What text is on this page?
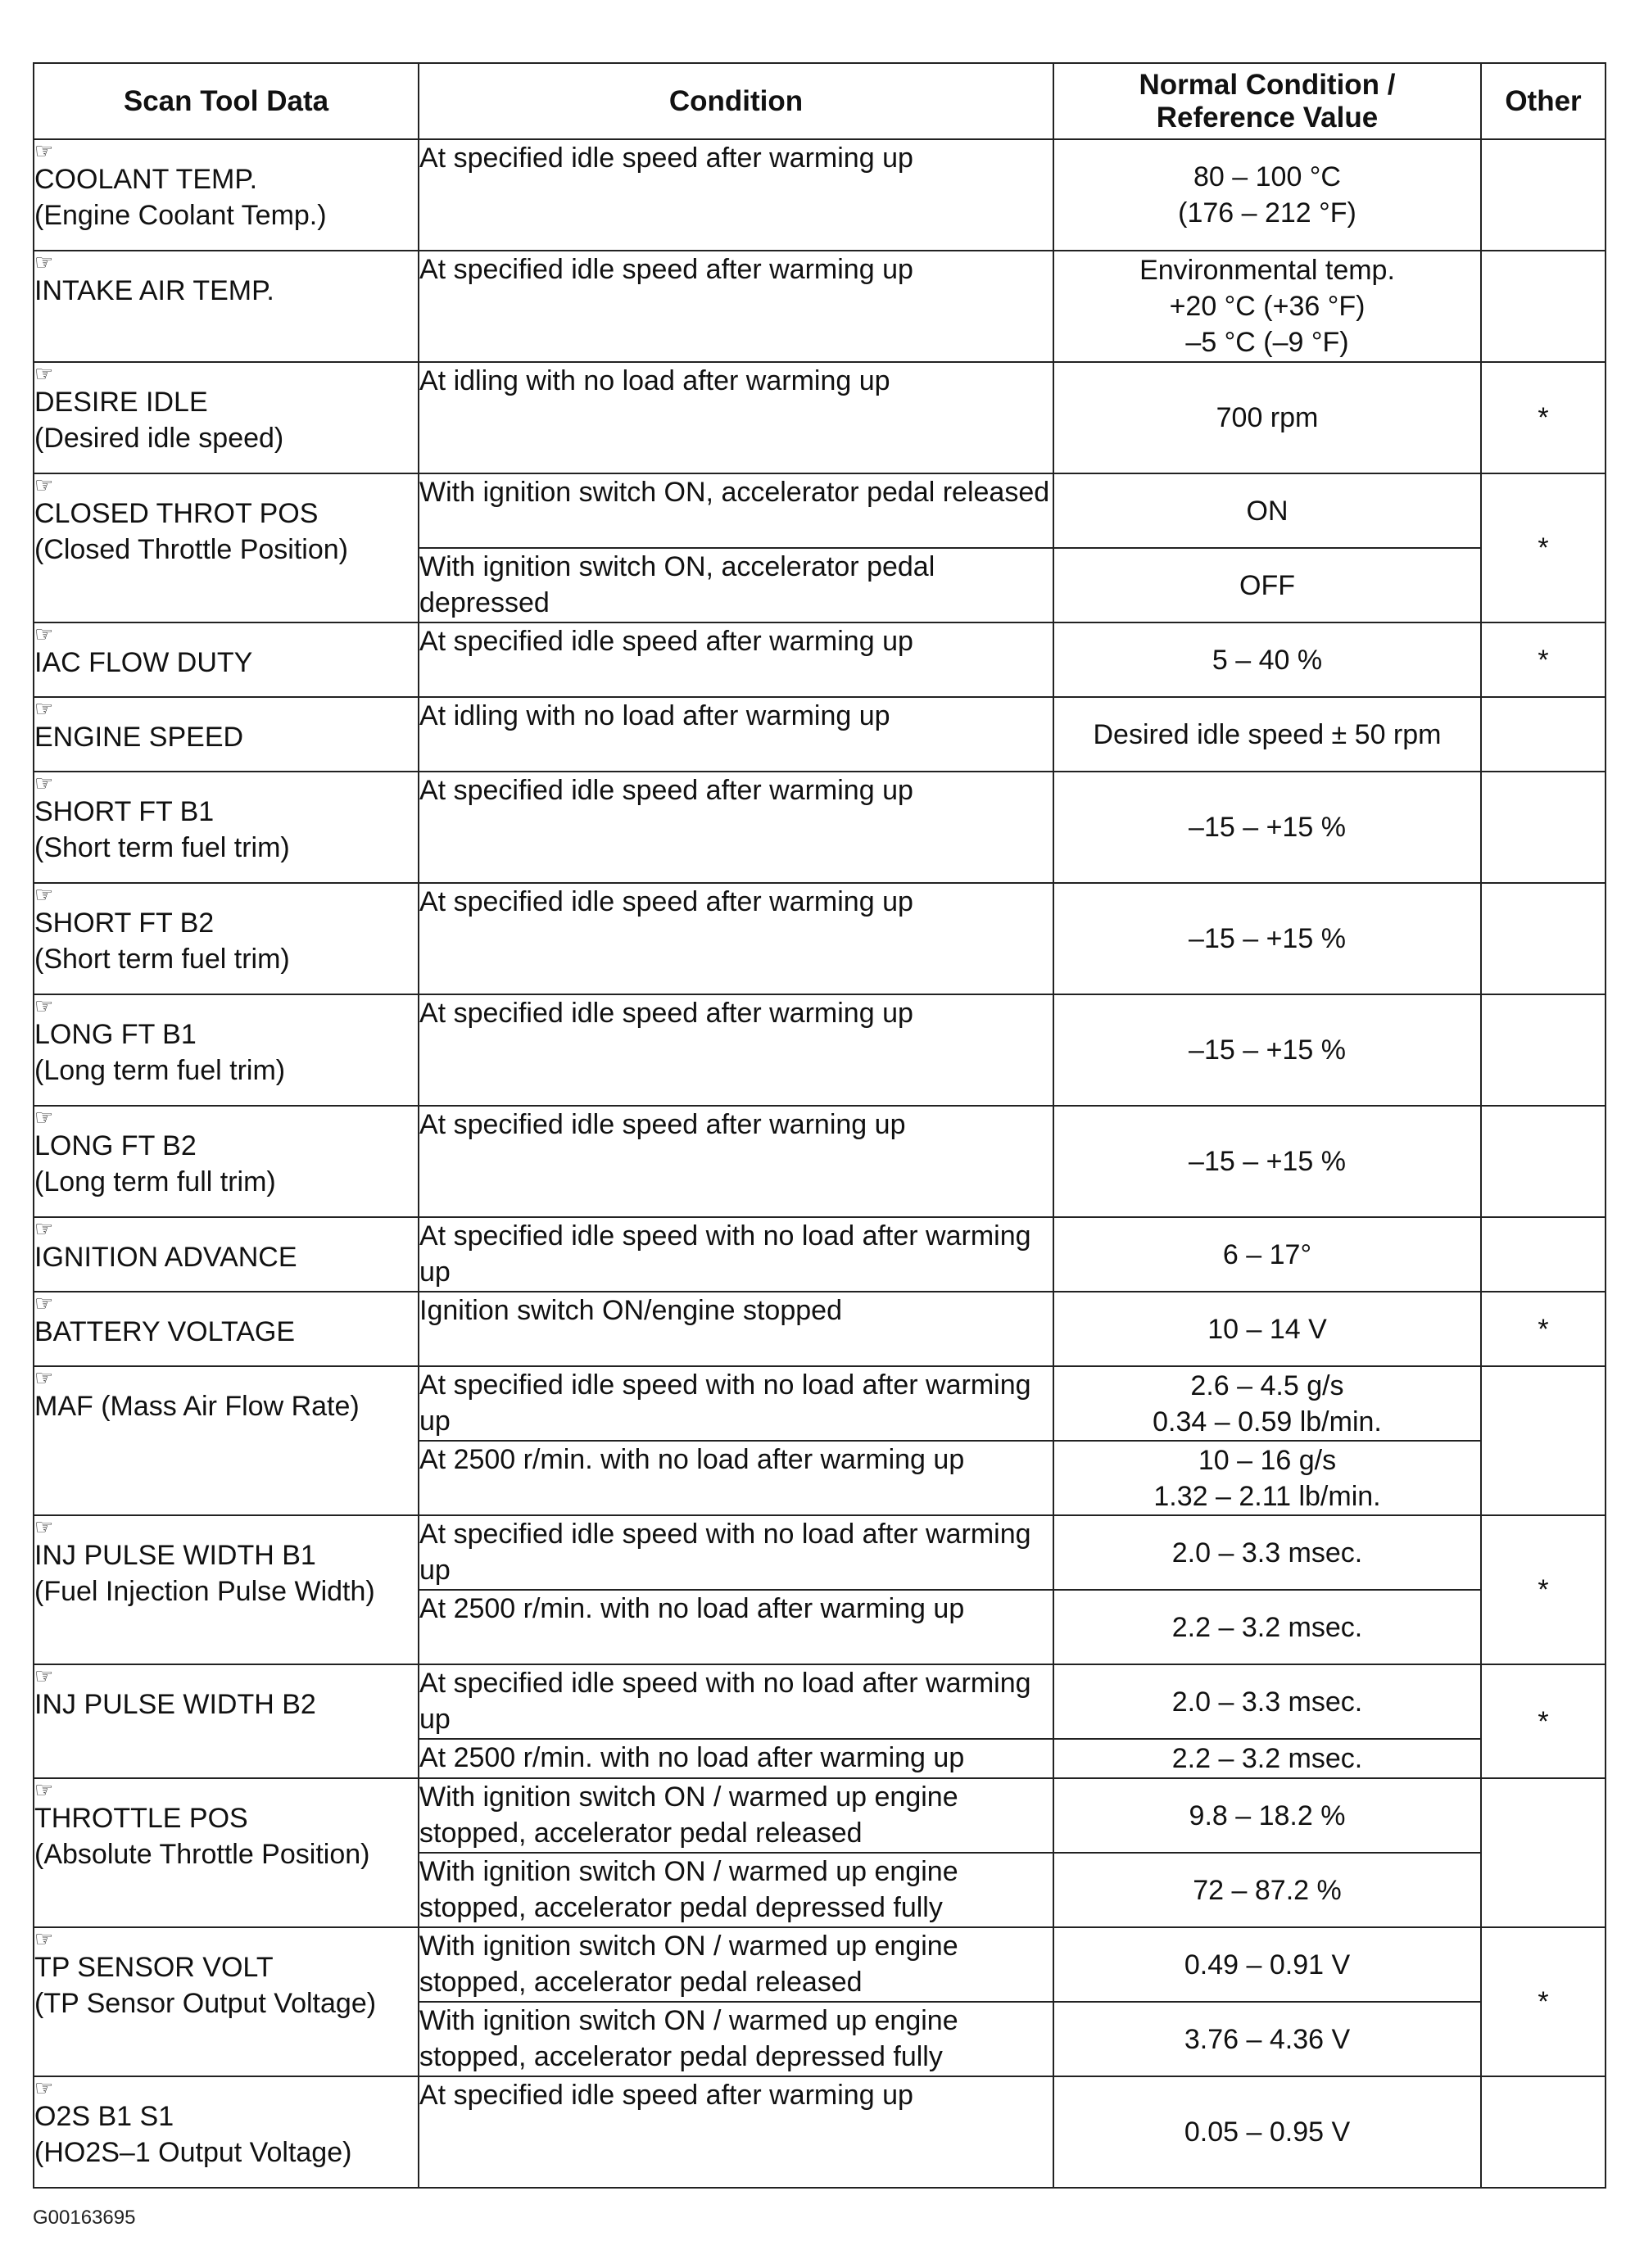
Scan Tool Data	Condition	Normal Condition / Reference Value	Other

☞
COOLANT TEMP.
(Engine Coolant Temp.)	At specified idle speed after warming up	80 – 100 °C
(176 – 212 °F)	

☞
INTAKE AIR TEMP.	At specified idle speed after warming up	Environmental temp.
+20 °C (+36 °F)
–5 °C (–9 °F)	

☞
DESIRE IDLE
(Desired idle speed)	At idling with no load after warming up	700 rpm	*

☞
CLOSED THROT POS
(Closed Throttle Position)	With ignition switch ON, accelerator pedal released	ON	*
	With ignition switch ON, accelerator pedal depressed	OFF	

☞
IAC FLOW DUTY	At specified idle speed after warming up	5 – 40 %	*

☞
ENGINE SPEED	At idling with no load after warming up	Desired idle speed ± 50 rpm	

☞
SHORT FT B1
(Short term fuel trim)	At specified idle speed after warming up	–15 – +15 %	

☞
SHORT FT B2
(Short term fuel trim)	At specified idle speed after warming up	–15 – +15 %	

☞
LONG FT B1
(Long term fuel trim)	At specified idle speed after warming up	–15 – +15 %	

☞
LONG FT B2
(Long term full trim)	At specified idle speed after warning up	–15 – +15 %	

☞
IGNITION ADVANCE	At specified idle speed with no load after warming up	6 – 17°	

☞
BATTERY VOLTAGE	Ignition switch ON/engine stopped	10 – 14 V	*

☞
MAF (Mass Air Flow Rate)	At specified idle speed with no load after warming up	2.6 – 4.5 g/s
0.34 – 0.59 lb/min.	

	At 2500 r/min. with no load after warming up	10 – 16 g/s
1.32 – 2.11 lb/min.	

☞
INJ PULSE WIDTH B1
(Fuel Injection Pulse Width)	At specified idle speed with no load after warming up	2.0 – 3.3 msec.	*
	At 2500 r/min. with no load after warming up	2.2 – 3.2 msec.	

☞
INJ PULSE WIDTH B2	At specified idle speed with no load after warming up	2.0 – 3.3 msec.	*
	At 2500 r/min. with no load after warming up	2.2 – 3.2 msec.	

☞
THROTTLE POS
(Absolute Throttle Position)	With ignition switch ON / warmed up engine stopped, accelerator pedal released	9.8 – 18.2 %	

	With ignition switch ON / warmed up engine stopped, accelerator pedal depressed fully	72 – 87.2 %	

☞
TP SENSOR VOLT
(TP Sensor Output Voltage)	With ignition switch ON / warmed up engine stopped, accelerator pedal released	0.49 – 0.91 V	*
	With ignition switch ON / warmed up engine stopped, accelerator pedal depressed fully	3.76 – 4.36 V	

☞
O2S B1 S1
(HO2S–1 Output Voltage)	At specified idle speed after warming up	0.05 – 0.95 V	

G00163695
